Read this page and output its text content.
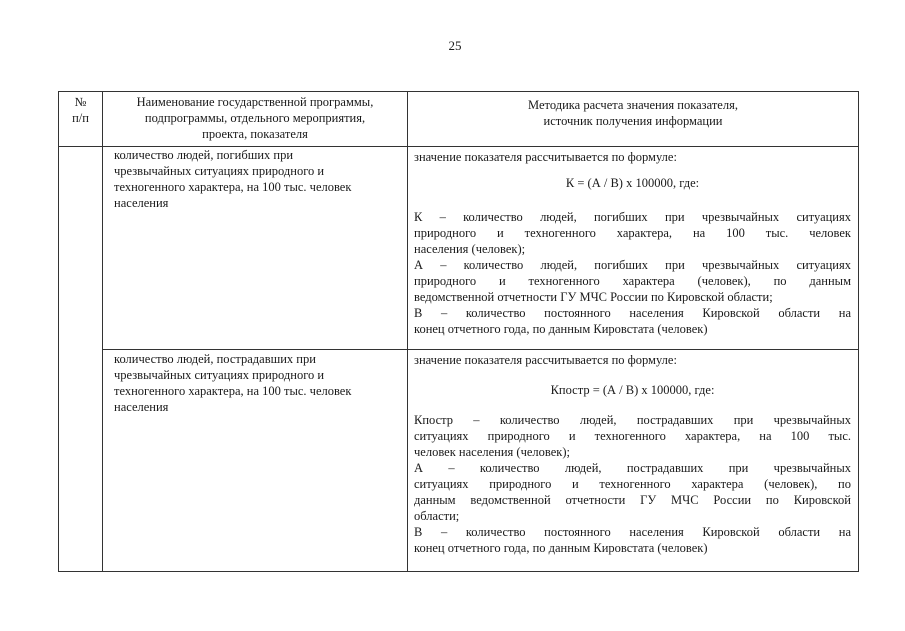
25
№
п/п
Наименование государственной программы,
подпрограммы, отдельного мероприятия,
проекта, показателя
Методика расчета значения показателя,
источник получения информации
количество людей, погибших при
чрезвычайных ситуациях природного и
техногенного характера, на 100 тыс. человек
населения
значение показателя рассчитывается по формуле:
К = (А / В) х 100000, где:
К – количество людей, погибших при чрезвычайных ситуациях
природного и техногенного характера, на 100 тыс. человек
населения (человек);
А – количество людей, погибших при чрезвычайных ситуациях
природного и техногенного характера (человек), по данным
ведомственной отчетности ГУ МЧС России по Кировской области;
В – количество постоянного населения Кировской области на
конец отчетного года, по данным Кировстата (человек)
количество людей, пострадавших при
чрезвычайных ситуациях природного и
техногенного характера, на 100 тыс. человек
населения
значение показателя рассчитывается по формуле:
Кпостр = (А / В) х 100000, где:
Кпостр – количество людей, пострадавших при чрезвычайных
ситуациях природного и техногенного характера, на 100 тыс.
человек населения (человек);
А – количество людей, пострадавших при чрезвычайных
ситуациях природного и техногенного характера (человек), по
данным ведомственной отчетности ГУ МЧС России по Кировской
области;
В – количество постоянного населения Кировской области на
конец отчетного года, по данным Кировстата (человек)
